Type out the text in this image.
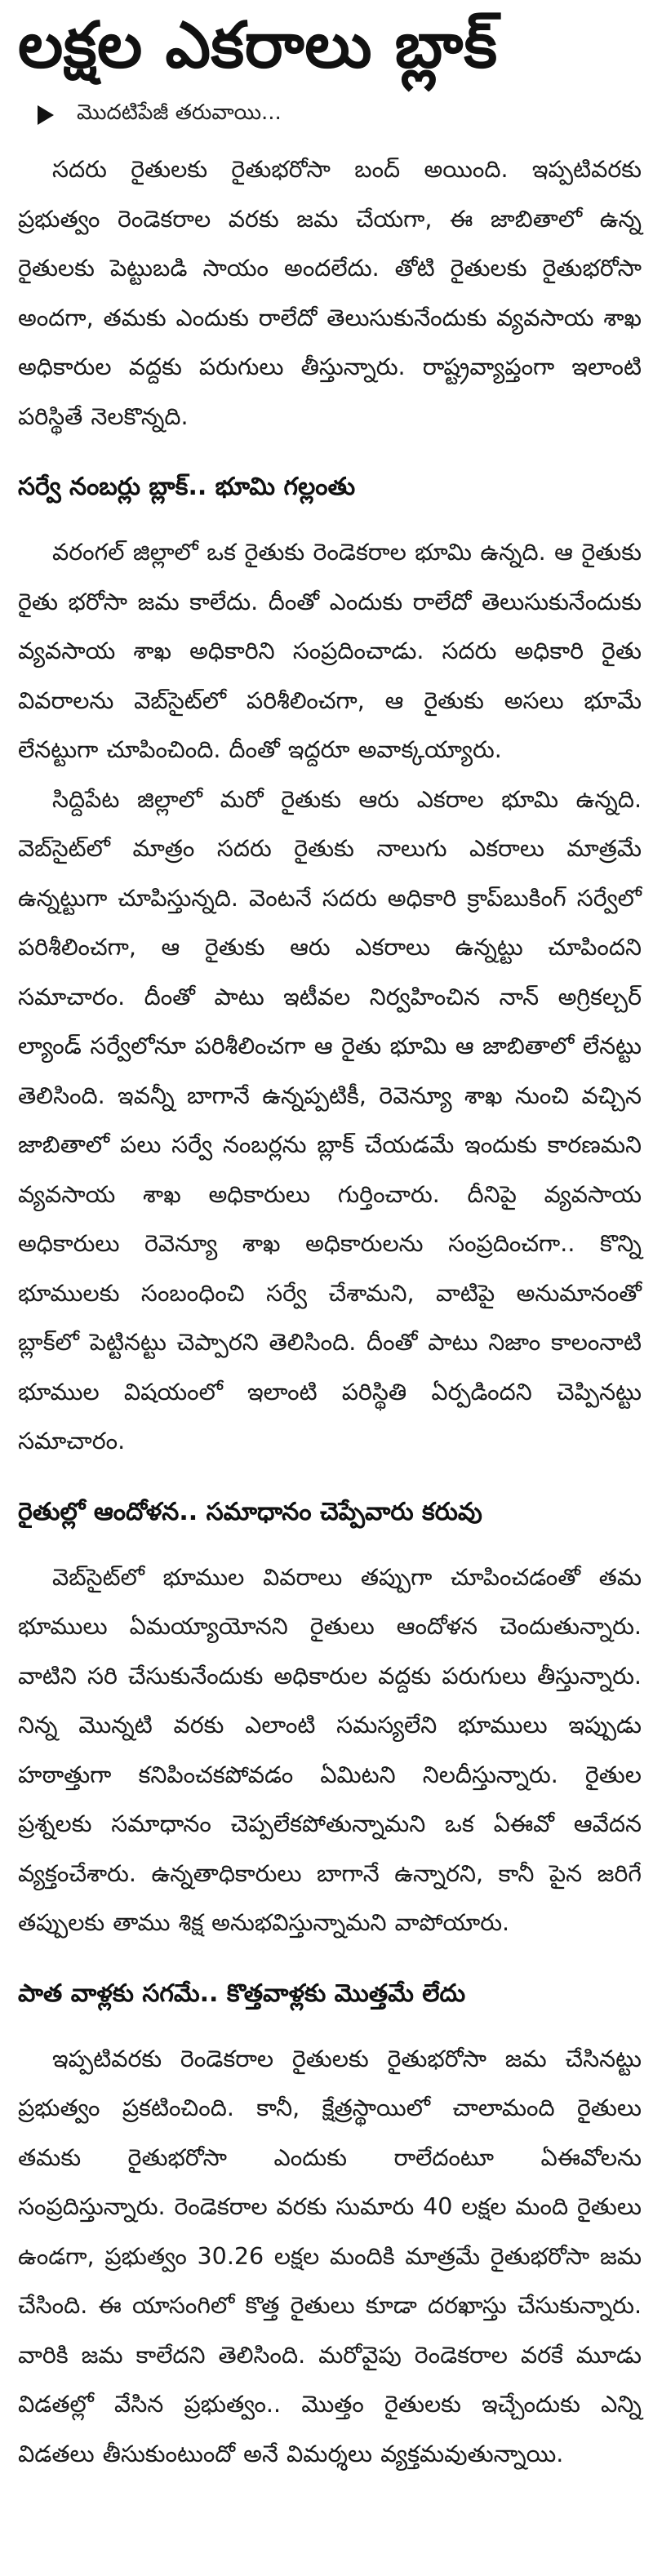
లక్షల ఎకరాలు బ్లాక్
మొదటిపేజీ తరువాయి...

సదరు రైతులకు రైతుభరోసా బంద్ అయింది. ఇప్పటివరకు ప్రభుత్వం రెండెకరాల వరకు జమ చేయగా, ఈ జాబితాలో ఉన్న రైతులకు పెట్టుబడి సాయం అందలేదు. తోటి రైతులకు రైతుభరోసా అందగా, తమకు ఎందుకు రాలేదో తెలుసుకునేందుకు వ్యవసాయ శాఖ అధికారుల వద్దకు పరుగులు తీస్తున్నారు. రాష్ట్రవ్యాప్తంగా ఇలాంటి పరిస్థితే నెలకొన్నది.

సర్వే నంబర్లు బ్లాక్.. భూమి గల్లంతు

వరంగల్ జిల్లాలో ఒక రైతుకు రెండెకరాల భూమి ఉన్నది. ఆ రైతుకు రైతు భరోసా జమ కాలేదు. దీంతో ఎందుకు రాలేదో తెలుసుకునేందుకు వ్యవసాయ శాఖ అధికారిని సంప్రదించాడు. సదరు అధికారి రైతు వివరాలను వెబ్‌సైట్‌లో పరిశీలించగా, ఆ రైతుకు అసలు భూమే లేనట్టుగా చూపించింది. దీంతో ఇద్దరూ అవాక్కయ్యారు.

సిద్దిపేట జిల్లాలో మరో రైతుకు ఆరు ఎకరాల భూమి ఉన్నది. వెబ్‌సైట్‌లో మాత్రం సదరు రైతుకు నాలుగు ఎకరాలు మాత్రమే ఉన్నట్టుగా చూపిస్తున్నది. వెంటనే సదరు అధికారి క్రాప్‌బుకింగ్ సర్వేలో పరిశీలించగా, ఆ రైతుకు ఆరు ఎకరాలు ఉన్నట్టు చూపిందని సమాచారం. దీంతో పాటు ఇటీవల నిర్వహించిన నాన్ అగ్రికల్చర్ ల్యాండ్ సర్వేలోనూ పరిశీలించగా ఆ రైతు భూమి ఆ జాబితాలో లేనట్టు తెలిసింది. ఇవన్నీ బాగానే ఉన్నప్పటికీ, రెవెన్యూ శాఖ నుంచి వచ్చిన జాబితాలో పలు సర్వే నంబర్లను బ్లాక్ చేయడమే ఇందుకు కారణమని వ్యవసాయ శాఖ అధికారులు గుర్తించారు. దీనిపై వ్యవసాయ అధికారులు రెవెన్యూ శాఖ అధికారులను సంప్రదించగా.. కొన్ని భూములకు సంబంధించి సర్వే చేశామని, వాటిపై అనుమానంతో బ్లాక్‌లో పెట్టినట్టు చెప్పారని తెలిసింది. దీంతో పాటు నిజాం కాలంనాటి భూముల విషయంలో ఇలాంటి పరిస్థితి ఏర్పడిందని చెప్పినట్టు సమాచారం.

రైతుల్లో ఆందోళన.. సమాధానం చెప్పేవారు కరువు

వెబ్‌సైట్‌లో భూముల వివరాలు తప్పుగా చూపించడంతో తమ భూములు ఏమయ్యాయోనని రైతులు ఆందోళన చెందుతున్నారు. వాటిని సరి చేసుకునేందుకు అధికారుల వద్దకు పరుగులు తీస్తున్నారు. నిన్న మొన్నటి వరకు ఎలాంటి సమస్యలేని భూములు ఇప్పుడు హఠాత్తుగా కనిపించకపోవడం ఏమిటని నిలదీస్తున్నారు. రైతుల ప్రశ్నలకు సమాధానం చెప్పలేకపోతున్నామని ఒక ఏఈవో ఆవేదన వ్యక్తంచేశారు. ఉన్నతాధికారులు బాగానే ఉన్నారని, కానీ పైన జరిగే తప్పులకు తాము శిక్ష అనుభవిస్తున్నామని వాపోయారు.

పాత వాళ్లకు సగమే.. కొత్తవాళ్లకు మొత్తమే లేదు

ఇప్పటివరకు రెండెకరాల రైతులకు రైతుభరోసా జమ చేసినట్టు ప్రభుత్వం ప్రకటించింది. కానీ, క్షేత్రస్థాయిలో చాలామంది రైతులు తమకు రైతుభరోసా ఎందుకు రాలేదంటూ ఏఈవోలను సంప్రదిస్తున్నారు. రెండెకరాల వరకు సుమారు 40 లక్షల మంది రైతులు ఉండగా, ప్రభుత్వం 30.26 లక్షల మందికి మాత్రమే రైతుభరోసా జమ చేసింది. ఈ యాసంగిలో కొత్త రైతులు కూడా దరఖాస్తు చేసుకున్నారు. వారికి జమ కాలేదని తెలిసింది. మరోవైపు రెండెకరాల వరకే మూడు విడతల్లో వేసిన ప్రభుత్వం.. మొత్తం రైతులకు ఇచ్చేందుకు ఎన్ని విడతలు తీసుకుంటుందో అనే విమర్శలు వ్యక్తమవుతున్నాయి.
